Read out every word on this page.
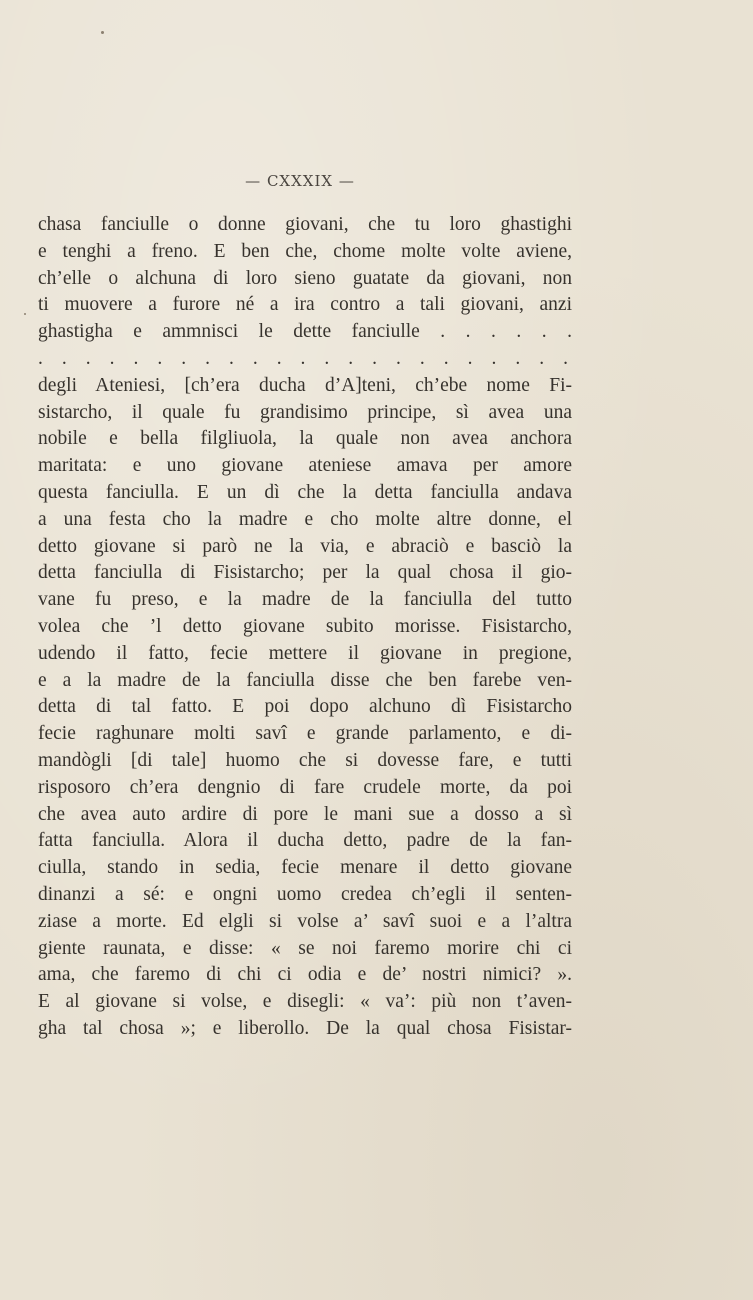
— CXXXIX —
chasa fanciulle o donne giovani, che tu loro ghastighi
e tenghi a freno. E ben che, chome molte volte aviene,
ch’elle o alchuna di loro sieno guatate da giovani, non
ti muovere a furore né a ira contro a tali giovani, anzi
ghastigha e ammnisci le dette fanciulle . . . . . .
. . . . . . . . . . . . . . . . . . . . . . .
degli Ateniesi, [ch’era ducha d’A]teni, ch’ebe nome Fi-
sistarcho, il quale fu grandisimo principe, sì avea una
nobile e bella filgliuola, la quale non avea anchora
maritata: e uno giovane ateniese amava per amore
questa fanciulla. E un dì che la detta fanciulla andava
a una festa cho la madre e cho molte altre donne, el
detto giovane si parò ne la via, e abraciò e basciò la
detta fanciulla di Fisistarcho; per la qual chosa il gio-
vane fu preso, e la madre de la fanciulla del tutto
volea che ’l detto giovane subito morisse. Fisistarcho,
udendo il fatto, fecie mettere il giovane in pregione,
e a la madre de la fanciulla disse che ben farebe ven-
detta di tal fatto. E poi dopo alchuno dì Fisistarcho
fecie raghunare molti savî e grande parlamento, e di-
mandògli [di tale] huomo che si dovesse fare, e tutti
risposoro ch’era dengnio di fare crudele morte, da poi
che avea auto ardire di pore le mani sue a dosso a sì
fatta fanciulla. Alora il ducha detto, padre de la fan-
ciulla, stando in sedia, fecie menare il detto giovane
dinanzi a sé: e ongni uomo credea ch’egli il senten-
ziase a morte. Ed elgli si volse a’ savî suoi e a l’altra
giente raunata, e disse: « se noi faremo morire chi ci
ama, che faremo di chi ci odia e de’ nostri nimici? ».
E al giovane si volse, e disegli: « va’: più non t’aven-
gha tal chosa »; e liberollo. De la qual chosa Fisistar-
